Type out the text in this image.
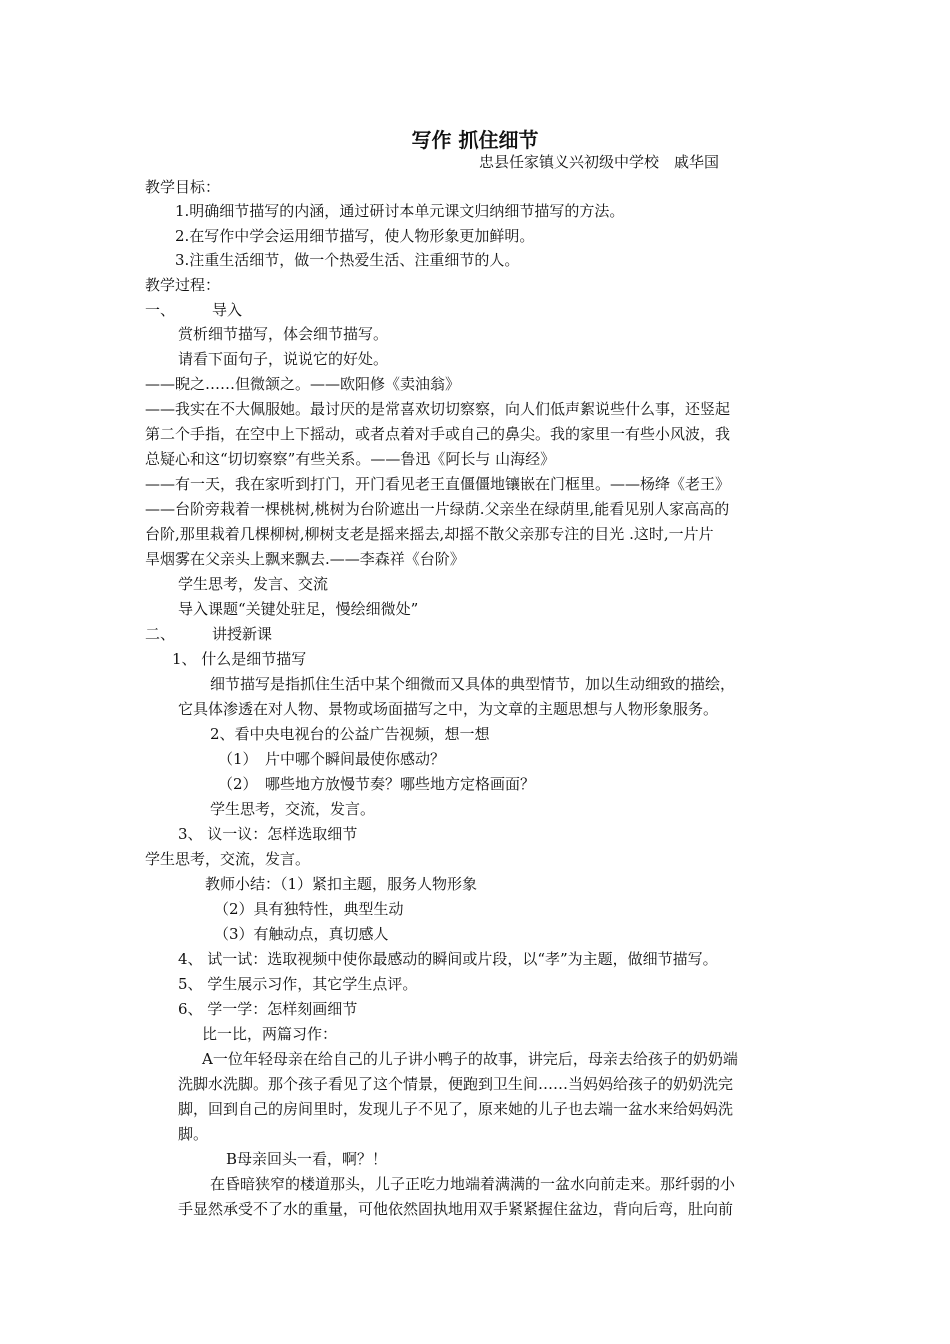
写作 抓住细节
忠县任家镇义兴初级中学校　戚华国
教学目标：
1.明确细节描写的内涵，通过研讨本单元课文归纳细节描写的方法。
2.在写作中学会运用细节描写，使人物形象更加鲜明。
3.注重生活细节，做一个热爱生活、注重细节的人。
教学过程：
一、 导入
赏析细节描写，体会细节描写。
请看下面句子，说说它的好处。
——睨之……但微颔之。——欧阳修《卖油翁》
——我实在不大佩服她。最讨厌的是常喜欢切切察察，向人们低声絮说些什么事，还竖起
第二个手指，在空中上下摇动，或者点着对手或自己的鼻尖。我的家里一有些小风波，我
总疑心和这“切切察察”有些关系。——鲁迅《阿长与 山海经》
——有一天，我在家听到打门，开门看见老王直僵僵地镶嵌在门框里。——杨绛《老王》
——台阶旁栽着一棵桃树,桃树为台阶遮出一片绿荫.父亲坐在绿荫里,能看见别人家高高的
台阶,那里栽着几棵柳树,柳树支老是摇来摇去,却摇不散父亲那专注的目光 .这时,一片片
旱烟雾在父亲头上飘来飘去.——李森祥《台阶》
学生思考，发言、交流
导入课题“关键处驻足，慢绘细微处”
二、 讲授新课
1、 什么是细节描写
细节描写是指抓住生活中某个细微而又具体的典型情节，加以生动细致的描绘，
它具体渗透在对人物、景物或场面描写之中，为文章的主题思想与人物形象服务。
2、看中央电视台的公益广告视频，想一想
（1）　片中哪个瞬间最使你感动？
（2）　哪些地方放慢节奏？哪些地方定格画面？
学生思考，交流，发言。
3、 议一议：怎样选取细节
学生思考，交流，发言。
教师小结：（1）紧扣主题，服务人物形象
（2）具有独特性，典型生动
（3）有触动点，真切感人
4、 试一试：选取视频中使你最感动的瞬间或片段，以“孝”为主题，做细节描写。
5、 学生展示习作，其它学生点评。
6、 学一学：怎样刻画细节
比一比，两篇习作：
A一位年轻母亲在给自己的儿子讲小鸭子的故事，讲完后，母亲去给孩子的奶奶端
洗脚水洗脚。那个孩子看见了这个情景，便跑到卫生间……当妈妈给孩子的奶奶洗完
脚，回到自己的房间里时，发现儿子不见了，原来她的儿子也去端一盆水来给妈妈洗
脚。
B母亲回头一看，啊？！
在昏暗狭窄的楼道那头，儿子正吃力地端着满满的一盆水向前走来。那纤弱的小
手显然承受不了水的重量，可他依然固执地用双手紧紧握住盆边，背向后弯，肚向前
